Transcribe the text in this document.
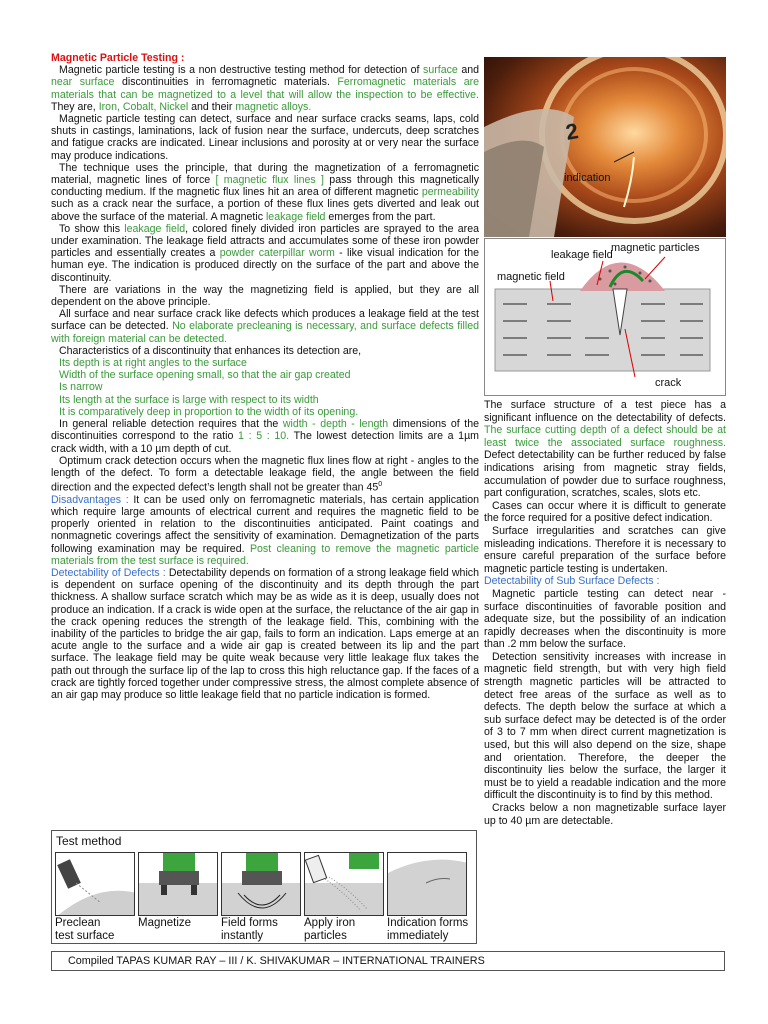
Magnetic Particle Testing :

Magnetic particle testing is a non destructive testing method for detection of surface and near surface discontinuities in ferromagnetic materials. Ferromagnetic materials are materials that can be magnetized to a level that will allow the inspection to be effective. They are, Iron, Cobalt, Nickel and their magnetic alloys.

Magnetic particle testing can detect, surface and near surface cracks seams, laps, cold shuts in castings, laminations, lack of fusion near the surface, undercuts, deep scratches and fatigue cracks are indicated. Linear inclusions and porosity at or very near the surface may produce indications.

The technique uses the principle, that during the magnetization of a ferromagnetic material, magnetic lines of force [ magnetic flux lines ] pass through this magnetically conducting medium. If the magnetic flux lines hit an area of different magnetic permeability such as a crack near the surface, a portion of these flux lines gets diverted and leak out above the surface of the material. A magnetic leakage field emerges from the part.

To show this leakage field, colored finely divided iron particles are sprayed to the area under examination. The leakage field attracts and accumulates some of these iron powder particles and essentially creates a powder caterpillar worm - like visual indication for the human eye. The indication is produced directly on the surface of the part and above the discontinuity.

There are variations in the way the magnetizing field is applied, but they are all dependent on the above principle.

All surface and near surface crack like defects which produces a leakage field at the test surface can be detected. No elaborate precleaning is necessary, and surface defects filled with foreign material can be detected.

Characteristics of a discontinuity that enhances its detection are,

Its depth is at right angles to the surface

Width of the surface opening small, so that the air gap created

Is narrow

Its length at the surface is large with respect to its width

It is comparatively deep in proportion to the width of its opening.

In general reliable detection requires that the width - depth - length dimensions of the discontinuities correspond to the ratio 1 : 5 : 10. The lowest detection limits are a 1µm crack width, with a 10 µm depth of cut.

Optimum crack detection occurs when the magnetic flux lines flow at right - angles to the length of the defect. To form a detectable leakage field, the angle between the field direction and the expected defect’s length shall not be greater than $45^0$

Disadvantages : It can be used only on ferromagnetic materials, has certain application which require large amounts of electrical current and requires the magnetic field to be properly oriented in relation to the discontinuities anticipated. Paint coatings and nonmagnetic coverings affect the sensitivity of examination. Demagnetization of the parts following examination may be required. Post cleaning to remove the magnetic particle materials from the test surface is required.

Detectability of Defects : Detectability depends on formation of a strong leakage field which is dependent on surface opening of the discontinuity and its depth through the part thickness. A shallow surface scratch which may be as wide as it is deep, usually does not produce an indication. If a crack is wide open at the surface, the reluctance of the air gap in the crack opening reduces the strength of the leakage field. This, combining with the inability of the particles to bridge the air gap, fails to form an indication. Laps emerge at an acute angle to the surface and a wide air gap is created between its lip and the part surface. The leakage field may be quite weak because very little leakage flux takes the path out through the surface lip of the lap to cross this high reluctance gap. If the faces of a crack are tightly forced together under compressive stress, the almost complete absence of an air gap may produce so little leakage field that no particle indication is formed.

2
indication
leakage field
magnetic particles
magnetic field
crack

The surface structure of a test piece has a significant influence on the detectability of defects. The surface cutting depth of a defect should be at least twice the associated surface roughness. Defect detectability can be further reduced by false indications arising from magnetic stray fields, accumulation of powder due to surface roughness, part configuration, scratches, scales, slots etc.

Cases can occur where it is difficult to generate the force required for a positive defect indication.

Surface irregularities and scratches can give misleading indications. Therefore it is necessary to ensure careful preparation of the surface before magnetic particle testing is undertaken.

Detectability of Sub Surface Defects :

Magnetic particle testing can detect near - surface discontinuities of favorable position and adequate size, but the possibility of an indication rapidly decreases when the discontinuity is more than .2 mm below the surface.

Detection sensitivity increases with increase in magnetic field strength, but with very high field strength magnetic particles will be attracted to detect free areas of the surface as well as to defects. The depth below the surface at which a sub surface defect may be detected is of the order of 3 to 7 mm when direct current magnetization is used, but this will also depend on the size, shape and orientation. Therefore, the deeper the discontinuity lies below the surface, the larger it must be to yield a readable indication and the more difficult the discontinuity is to find by this method.

Cracks below a non magnetizable surface layer up to 40 µm are detectable.

Test method
Preclean
test surface
Magnetize	Field forms
instantly
Apply iron
particles
Indication forms
immediately
Compiled TAPAS KUMAR RAY – III / K. SHIVAKUMAR – INTERNATIONAL TRAINERS
